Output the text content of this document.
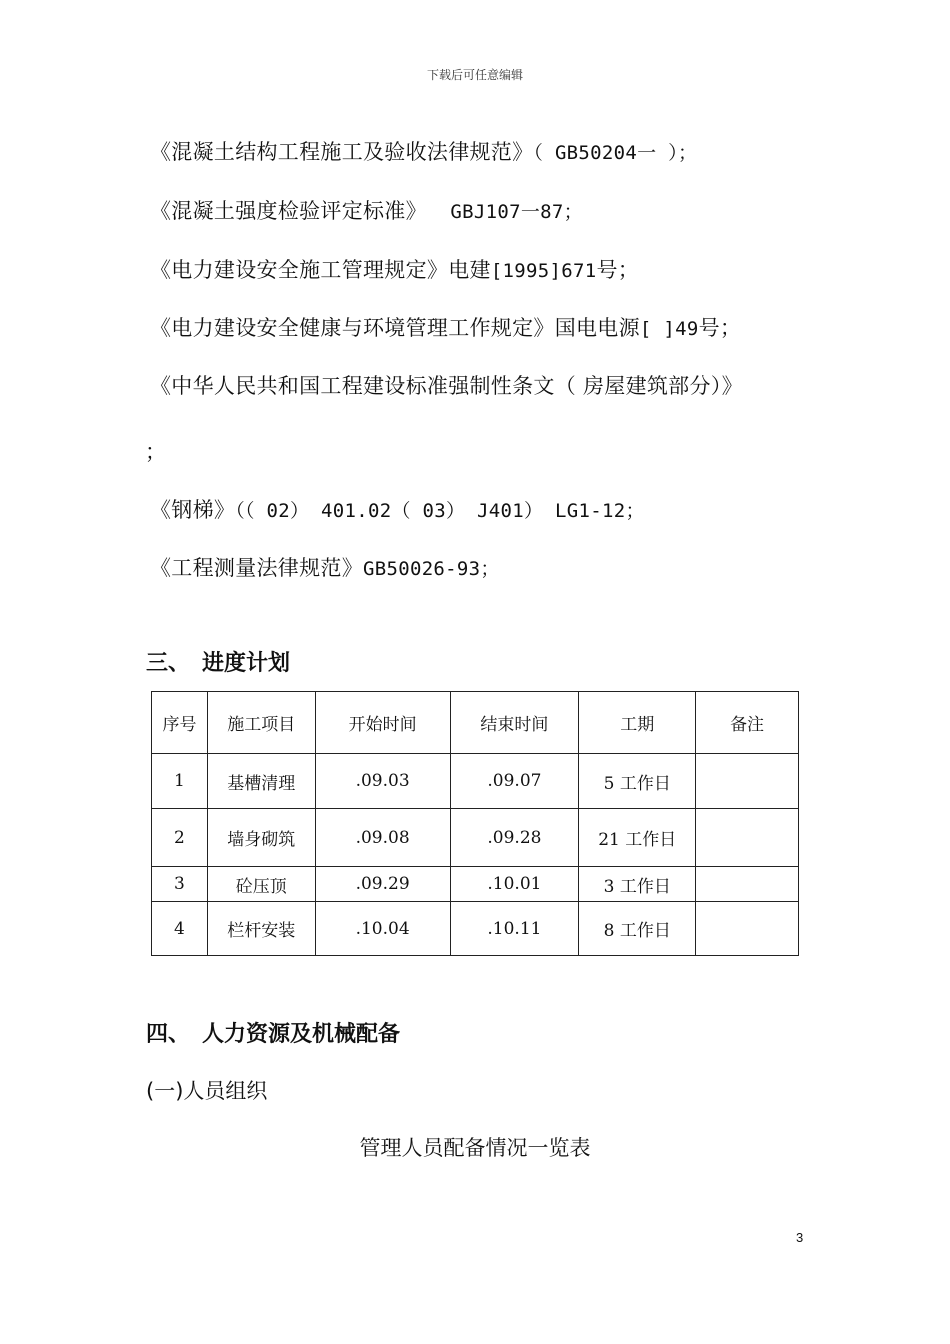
下载后可任意编辑
《混凝土结构工程施工及验收法律规范》（ GB50204一 ）；
《混凝土强度检验评定标准》  GBJ107一87；
《电力建设安全施工管理规定》电建[1995]671号；
《电力建设安全健康与环境管理工作规定》国电电源[ ]49号；
《中华人民共和国工程建设标准强制性条文（ 房屋建筑部分）》
；
《钢梯》（（ 02） 401.02（ 03） J401） LG1-12；
《工程测量法律规范》GB50026-93；
三、 进度计划
序号	施工项目	开始时间	结束时间	工期	备注
1	基槽清理	.09.03	.09.07	5 工作日	
2	墙身砌筑	.09.08	.09.28	21 工作日	
3	砼压顶	.09.29	.10.01	3 工作日	
4	栏杆安装	.10.04	.10.11	8 工作日	
四、 人力资源及机械配备
(一)人员组织
管理人员配备情况一览表
3
